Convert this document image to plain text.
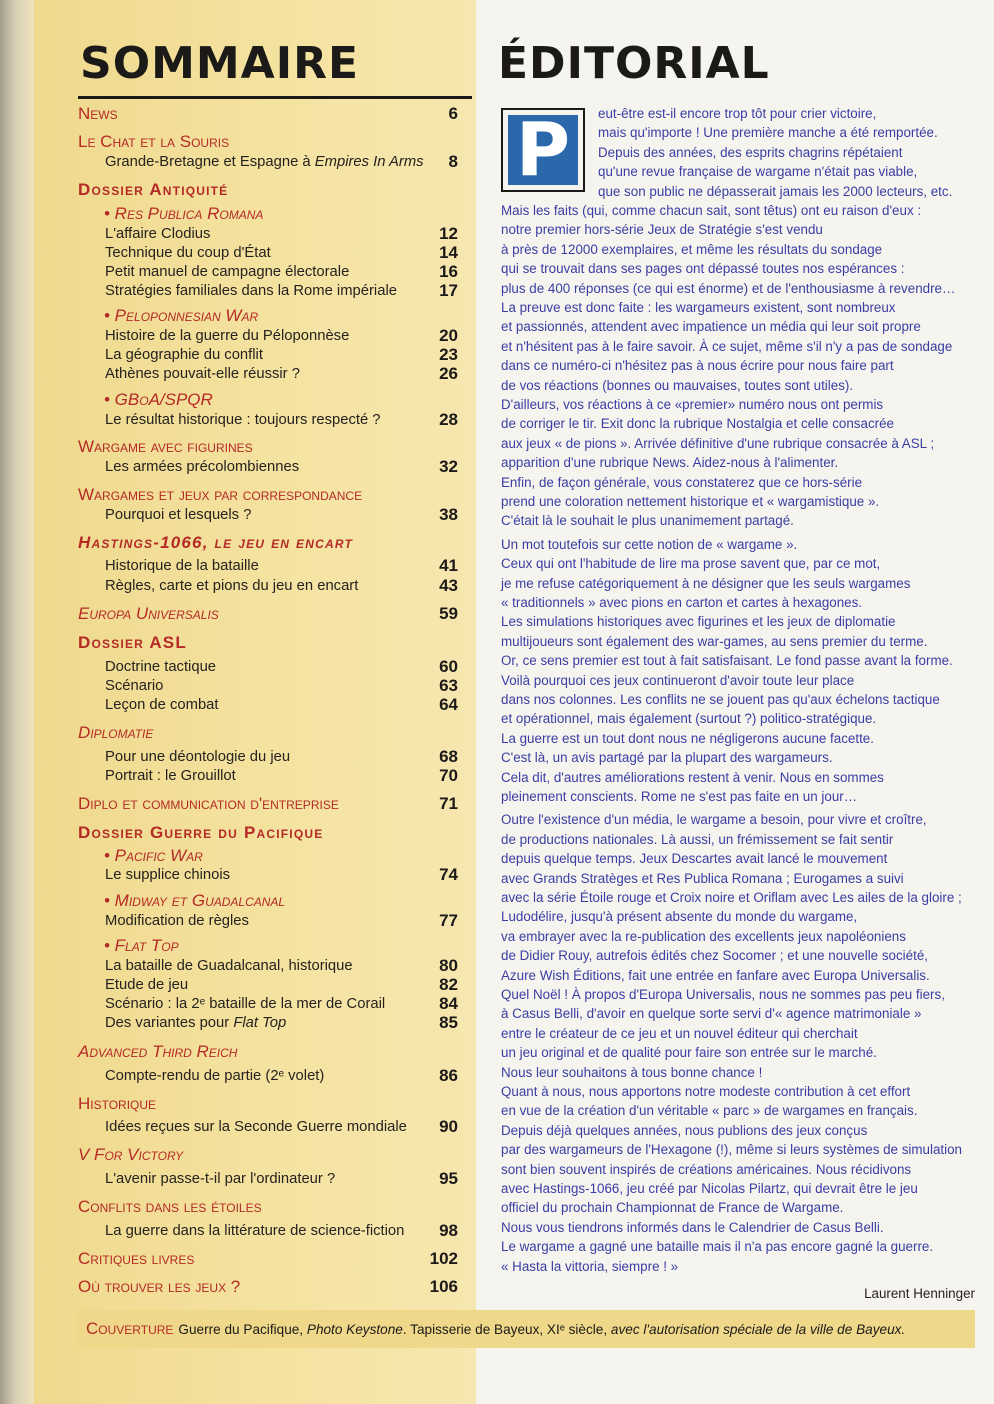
SOMMAIRE
News	6
Le Chat et la Souris
Grande-Bretagne et Espagne à Empires In Arms 8
Dossier Antiquité
• Res Publica Romana
L'affaire Clodius	12
Technique du coup d'État	14
Petit manuel de campagne électorale	16
Stratégies familiales dans la Rome impériale 17
• Peloponnesian War
Histoire de la guerre du Péloponnèse	20
La géographie du conflit	23
Athènes pouvait-elle réussir ?	26
• GBoA/SPQR
Le résultat historique : toujours respecté ?	28
Wargame avec figurines
Les armées précolombiennes	32
Wargames et jeux par correspondance
Pourquoi et lesquels ?	38
Hastings-1066, le jeu en encart
Historique de la bataille	41
Règles, carte et pions du jeu en encart	43
Europa Universalis	59
Dossier ASL
Doctrine tactique	60
Scénario	63
Leçon de combat	64
Diplomatie
Pour une déontologie du jeu	68
Portrait : le Grouillot	70
Diplo et communication d'entreprise	71
Dossier Guerre du Pacifique
• Pacific War
Le supplice chinois	74
• Midway et Guadalcanal
Modification de règles	77
• Flat Top
La bataille de Guadalcanal, historique	80
Etude de jeu	82
Scénario : la 2ᵉ bataille de la mer de Corail	84
Des variantes pour Flat Top	85
Advanced Third Reich
Compte-rendu de partie (2ᵉ volet)	86
Historique
Idées reçues sur la Seconde Guerre mondiale 90
V For Victory
L'avenir passe-t-il par l'ordinateur ?	95
Conflits dans les étoiles
La guerre dans la littérature de science-fiction 98
Critiques livres	102
Où trouver les jeux ?	106
ÉDITORIAL
P
Laurent Henninger
eut-être est-il encore trop tôt pour crier victoire,
mais qu'importe ! Une première manche a été remportée.
Depuis des années, des esprits chagrins répétaient
qu'une revue française de wargame n'était pas viable,
que son public ne dépasserait jamais les 2000 lecteurs, etc.
Mais les faits (qui, comme chacun sait, sont têtus) ont eu raison d'eux :
notre premier hors-série Jeux de Stratégie s'est vendu
à près de 12000 exemplaires, et même les résultats du sondage
qui se trouvait dans ses pages ont dépassé toutes nos espérances :
plus de 400 réponses (ce qui est énorme) et de l'enthousiasme à revendre…
La preuve est donc faite : les wargameurs existent, sont nombreux
et passionnés, attendent avec impatience un média qui leur soit propre
et n'hésitent pas à le faire savoir. À ce sujet, même s'il n'y a pas de sondage
dans ce numéro-ci n'hésitez pas à nous écrire pour nous faire part
de vos réactions (bonnes ou mauvaises, toutes sont utiles).
D'ailleurs, vos réactions à ce «premier» numéro nous ont permis
de corriger le tir. Exit donc la rubrique Nostalgia et celle consacrée
aux jeux « de pions ». Arrivée définitive d'une rubrique consacrée à ASL ;
apparition d'une rubrique News. Aidez-nous à l'alimenter.
Enfin, de façon générale, vous constaterez que ce hors-série
prend une coloration nettement historique et « wargamistique ».
C'était là le souhait le plus unanimement partagé.
Un mot toutefois sur cette notion de « wargame ».
Ceux qui ont l'habitude de lire ma prose savent que, par ce mot,
je me refuse catégoriquement à ne désigner que les seuls wargames
« traditionnels » avec pions en carton et cartes à hexagones.
Les simulations historiques avec figurines et les jeux de diplomatie
multijoueurs sont également des war-games, au sens premier du terme.
Or, ce sens premier est tout à fait satisfaisant. Le fond passe avant la forme.
Voilà pourquoi ces jeux continueront d'avoir toute leur place
dans nos colonnes. Les conflits ne se jouent pas qu'aux échelons tactique
et opérationnel, mais également (surtout ?) politico-stratégique.
La guerre est un tout dont nous ne négligerons aucune facette.
C'est là, un avis partagé par la plupart des wargameurs.
Cela dit, d'autres améliorations restent à venir. Nous en sommes
pleinement conscients. Rome ne s'est pas faite en un jour…
Outre l'existence d'un média, le wargame a besoin, pour vivre et croître,
de productions nationales. Là aussi, un frémissement se fait sentir
depuis quelque temps. Jeux Descartes avait lancé le mouvement
avec Grands Stratèges et Res Publica Romana ; Eurogames a suivi
avec la série Étoile rouge et Croix noire et Oriflam avec Les ailes de la gloire ;
Ludodélire, jusqu'à présent absente du monde du wargame,
va embrayer avec la re-publication des excellents jeux napoléoniens
de Didier Rouy, autrefois édités chez Socomer ; et une nouvelle société,
Azure Wish Éditions, fait une entrée en fanfare avec Europa Universalis.
Quel Noël ! À propos d'Europa Universalis, nous ne sommes pas peu fiers,
à Casus Belli, d'avoir en quelque sorte servi d'« agence matrimoniale »
entre le créateur de ce jeu et un nouvel éditeur qui cherchait
un jeu original et de qualité pour faire son entrée sur le marché.
Nous leur souhaitons à tous bonne chance !
Quant à nous, nous apportons notre modeste contribution à cet effort
en vue de la création d'un véritable « parc » de wargames en français.
Depuis déjà quelques années, nous publions des jeux conçus
par des wargameurs de l'Hexagone (!), même si leurs systèmes de simulation
sont bien souvent inspirés de créations américaines. Nous récidivons
avec Hastings-1066, jeu créé par Nicolas Pilartz, qui devrait être le jeu
officiel du prochain Championnat de France de Wargame.
Nous vous tiendrons informés dans le Calendrier de Casus Belli.
Le wargame a gagné une bataille mais il n'a pas encore gagné la guerre.
« Hasta la vittoria, siempre ! »
Couverture Guerre du Pacifique, Photo Keystone. Tapisserie de Bayeux, XIᵉ siècle, avec l'autorisation spéciale de la ville de Bayeux.
